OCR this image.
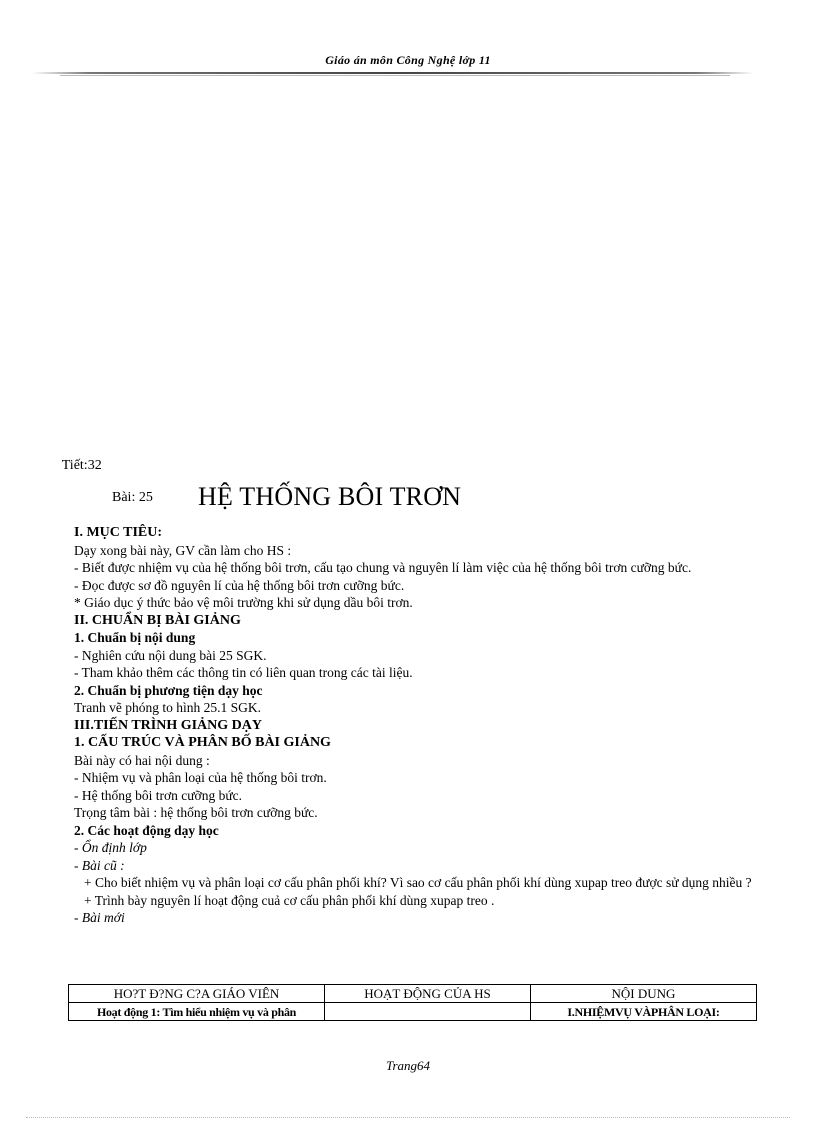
Giáo án môn Công Nghệ lớp 11

Tiết:32

Bài: 25

HỆ THỐNG BÔI TRƠN

I. MỤC TIÊU:

Dạy xong bài này, GV cần làm cho HS :

- Biết được nhiệm vụ của hệ thống bôi trơn, cấu tạo chung và nguyên lí làm việc của hệ thống bôi trơn cưỡng bức.

- Đọc được sơ đồ nguyên lí của hệ thống bôi trơn cưỡng bức.

* Giáo dục ý thức bảo vệ môi trường khi sử dụng dầu bôi trơn.

II. CHUẨN BỊ BÀI GIẢNG

1. Chuẩn bị nội dung

- Nghiên cứu nội dung bài 25 SGK.

- Tham khảo thêm các thông tin có liên quan trong các tài liệu.

2. Chuẩn bị phương tiện dạy học

Tranh vẽ phóng to hình 25.1 SGK.

III.TIẾN TRÌNH GIẢNG DẠY

1. CẤU TRÚC VÀ PHÂN BỐ BÀI GIẢNG

Bài này có hai nội dung :

- Nhiệm vụ và phân loại của hệ thống bôi trơn.

- Hệ thống bôi trơn cưỡng bức.

Trọng tâm bài : hệ thống bôi trơn cưỡng bức.

2. Các hoạt động dạy học

- Ổn định lớp

- Bài cũ :

+ Cho biết nhiệm vụ và phân loại cơ cấu phân phối khí? Vì sao cơ cấu phân phối khí dùng xupap treo được sử dụng nhiều ?

+ Trình bày nguyên lí hoạt động cuả cơ cấu phân phối khí dùng xupap treo .

- Bài mới

HO?T Đ?NG C?A GIÁO VIÊN	HOẠT ĐỘNG CỦA HS	NỘI DUNG
Hoạt động 1: Tìm hiểu nhiệm vụ và phân		I.NHIỆMVỤ VÀPHÂN LOẠI:
Trang64
